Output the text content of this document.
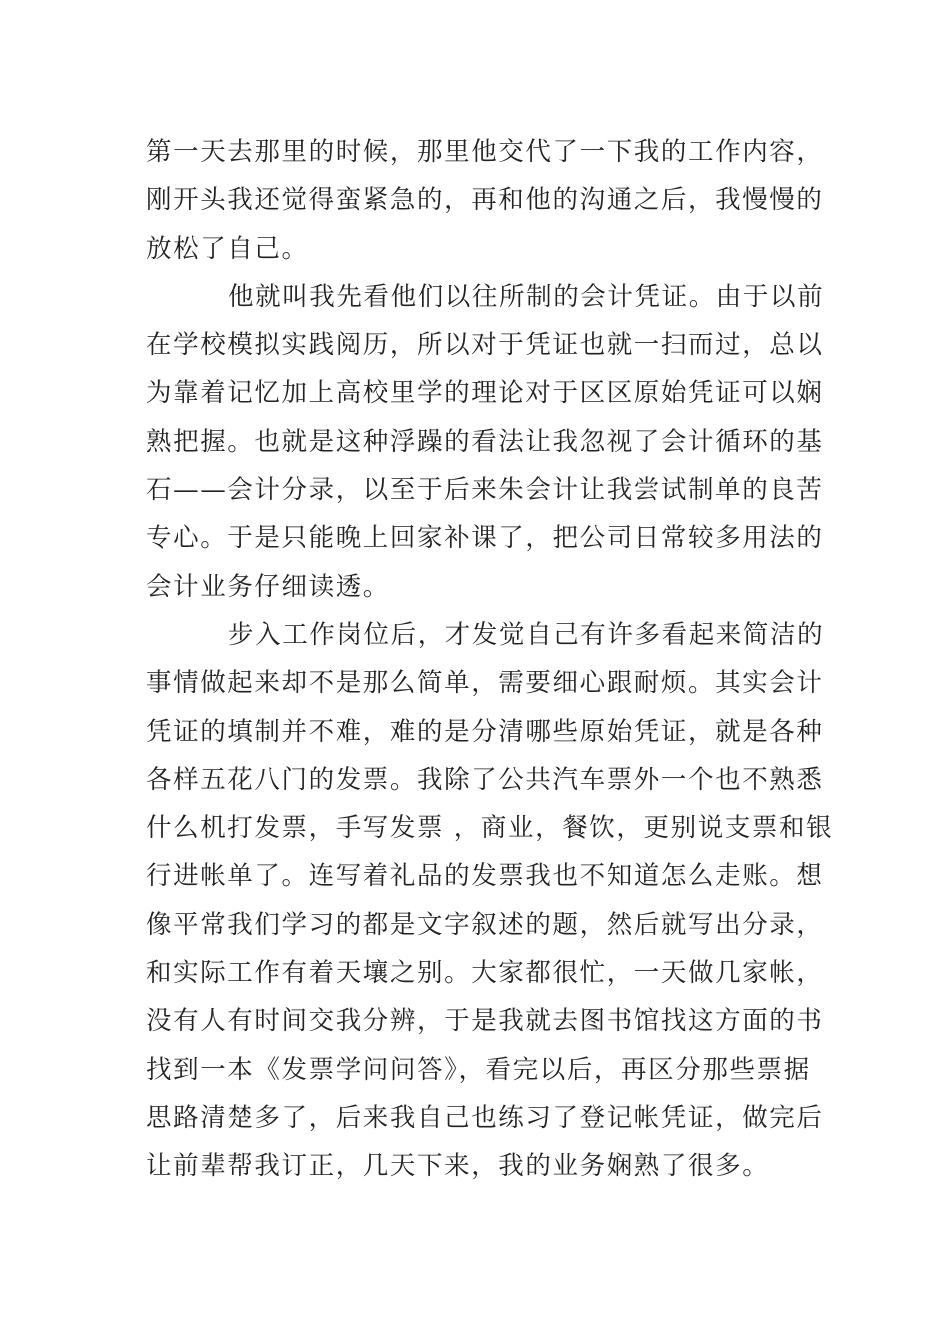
第一天去那里的时候，那里他交代了一下我的工作内容，
刚开头我还觉得蛮紧急的，再和他的沟通之后，我慢慢的
放松了自己。
他就叫我先看他们以往所制的会计凭证。由于以前
在学校模拟实践阅历，所以对于凭证也就一扫而过，总以
为靠着记忆加上高校里学的理论对于区区原始凭证可以娴
熟把握。也就是这种浮躁的看法让我忽视了会计循环的基
石——会计分录，以至于后来朱会计让我尝试制单的良苦
专心。于是只能晚上回家补课了，把公司日常较多用法的
会计业务仔细读透。
步入工作岗位后，才发觉自己有许多看起来简洁的
事情做起来却不是那么简单，需要细心跟耐烦。其实会计
凭证的填制并不难，难的是分清哪些原始凭证，就是各种
各样五花八门的发票。我除了公共汽车票外一个也不熟悉
什么机打发票，手写发票 ，商业，餐饮，更别说支票和银
行进帐单了。连写着礼品的发票我也不知道怎么走账。想
像平常我们学习的都是文字叙述的题，然后就写出分录，
和实际工作有着天壤之别。大家都很忙，一天做几家帐，
没有人有时间交我分辨，于是我就去图书馆找这方面的书
找到一本《发票学问问答》，看完以后，再区分那些票据
思路清楚多了，后来我自己也练习了登记帐凭证，做完后
让前辈帮我订正，几天下来，我的业务娴熟了很多。
